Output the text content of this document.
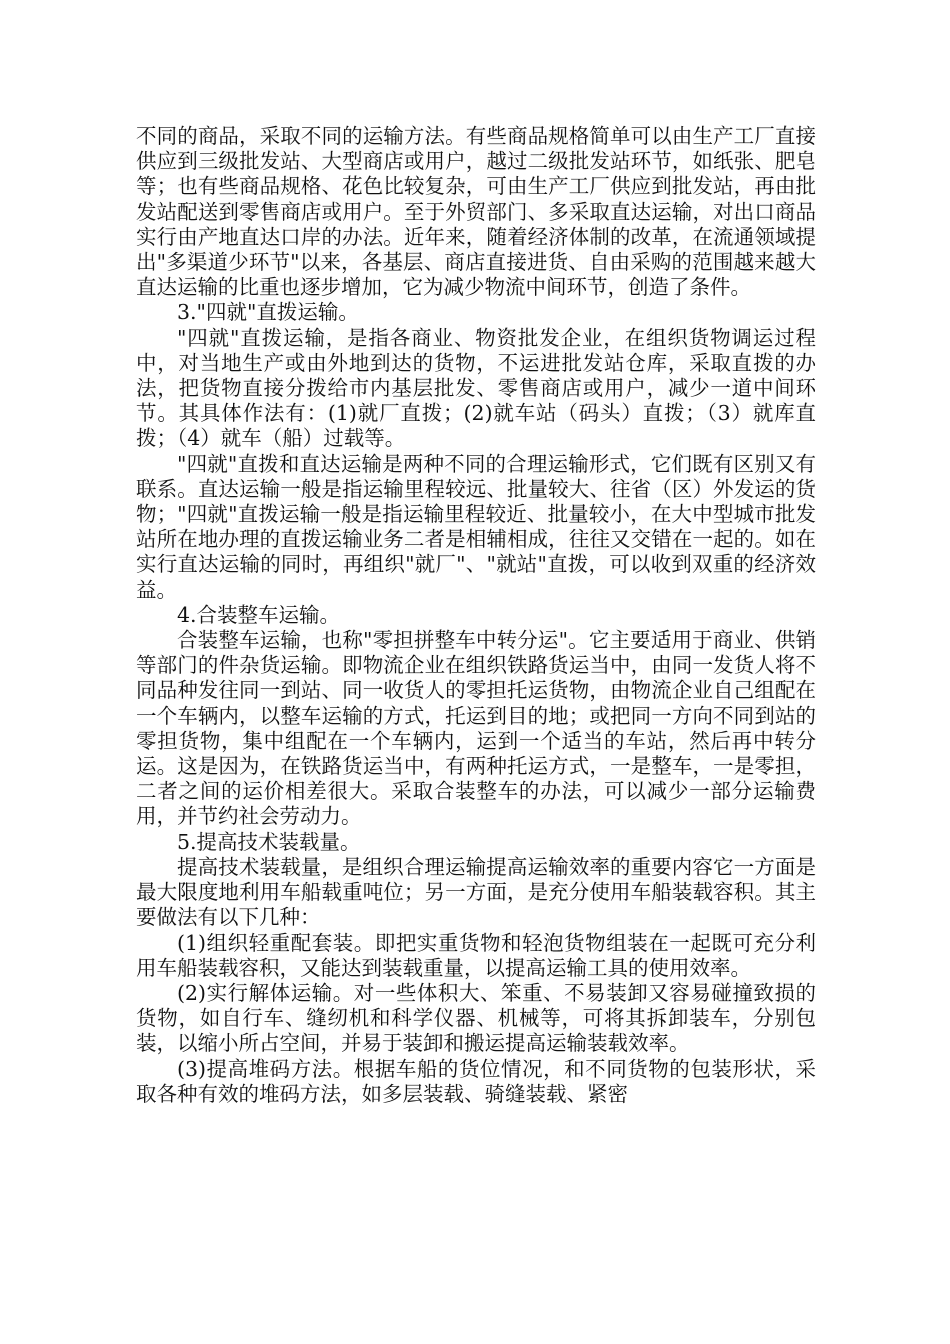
不同的商品，采取不同的运输方法。有些商品规格简单可以由生产工厂直接供应到三级批发站、大型商店或用户，越过二级批发站环节，如纸张、肥皂等；也有些商品规格、花色比较复杂，可由生产工厂供应到批发站，再由批发站配送到零售商店或用户。至于外贸部门、多采取直达运输，对出口商品实行由产地直达口岸的办法。近年来，随着经济体制的改革，在流通领域提出"多渠道少环节"以来，各基层、商店直接进货、自由采购的范围越来越大直达运输的比重也逐步增加，它为减少物流中间环节，创造了条件。

3."四就"直拨运输。

"四就"直拨运输，是指各商业、物资批发企业，在组织货物调运过程中，对当地生产或由外地到达的货物，不运进批发站仓库，采取直拨的办法，把货物直接分拨给市内基层批发、零售商店或用户，减少一道中间环节。其具体作法有：(1)就厂直拨；(2)就车站（码头）直拨；（3）就库直拨；（4）就车（船）过载等。

"四就"直拨和直达运输是两种不同的合理运输形式，它们既有区别又有联系。直达运输一般是指运输里程较远、批量较大、往省（区）外发运的货物；"四就"直拨运输一般是指运输里程较近、批量较小，在大中型城市批发站所在地办理的直拨运输业务二者是相辅相成，往往又交错在一起的。如在实行直达运输的同时，再组织"就厂"、"就站"直拨，可以收到双重的经济效益。

4.合装整车运输。

合装整车运输，也称"零担拼整车中转分运"。它主要适用于商业、供销等部门的件杂货运输。即物流企业在组织铁路货运当中，由同一发货人将不同品种发往同一到站、同一收货人的零担托运货物，由物流企业自己组配在一个车辆内，以整车运输的方式，托运到目的地；或把同一方向不同到站的零担货物，集中组配在一个车辆内，运到一个适当的车站，然后再中转分运。这是因为，在铁路货运当中，有两种托运方式，一是整车，一是零担，二者之间的运价相差很大。采取合装整车的办法，可以减少一部分运输费用，并节约社会劳动力。

5.提高技术装载量。

提高技术装载量，是组织合理运输提高运输效率的重要内容它一方面是最大限度地利用车船载重吨位；另一方面，是充分使用车船装载容积。其主要做法有以下几种：

(1)组织轻重配套装。即把实重货物和轻泡货物组装在一起既可充分利用车船装载容积，又能达到装载重量，以提高运输工具的使用效率。

(2)实行解体运输。对一些体积大、笨重、不易装卸又容易碰撞致损的货物，如自行车、缝纫机和科学仪器、机械等，可将其拆卸装车，分别包装，以缩小所占空间，并易于装卸和搬运提高运输装载效率。

(3)提高堆码方法。根据车船的货位情况，和不同货物的包装形状，采取各种有效的堆码方法，如多层装载、骑缝装载、紧密
